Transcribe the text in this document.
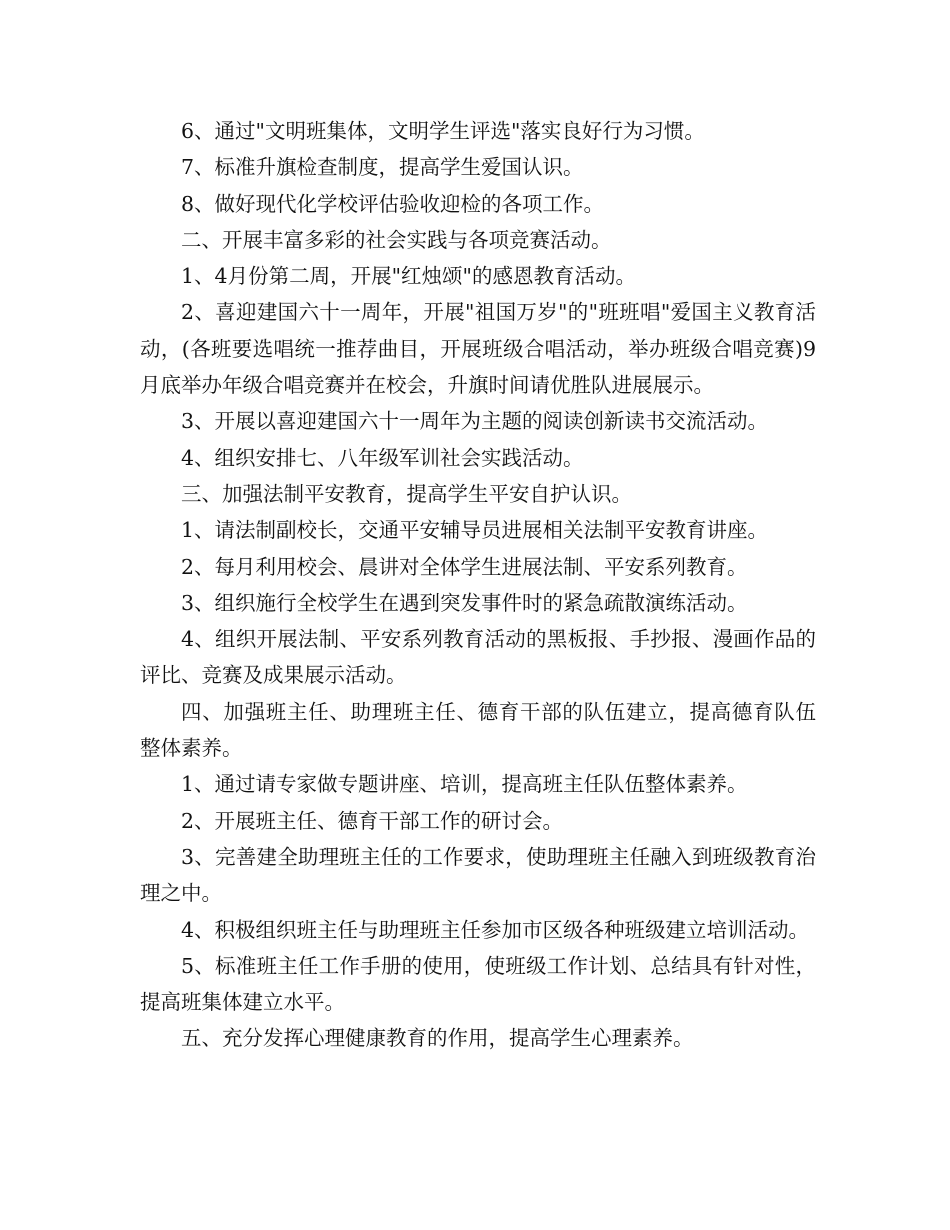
6、通过"文明班集体，文明学生评选"落实良好行为习惯。

7、标准升旗检查制度，提高学生爱国认识。

8、做好现代化学校评估验收迎检的各项工作。

二、开展丰富多彩的社会实践与各项竞赛活动。

1、4月份第二周，开展"红烛颂"的感恩教育活动。

2、喜迎建国六十一周年，开展"祖国万岁"的"班班唱"爱国主义教育活动，(各班要选唱统一推荐曲目，开展班级合唱活动，举办班级合唱竞赛)9月底举办年级合唱竞赛并在校会，升旗时间请优胜队进展展示。

3、开展以喜迎建国六十一周年为主题的阅读创新读书交流活动。

4、组织安排七、八年级军训社会实践活动。

三、加强法制平安教育，提高学生平安自护认识。

1、请法制副校长，交通平安辅导员进展相关法制平安教育讲座。

2、每月利用校会、晨讲对全体学生进展法制、平安系列教育。

3、组织施行全校学生在遇到突发事件时的紧急疏散演练活动。

4、组织开展法制、平安系列教育活动的黑板报、手抄报、漫画作品的评比、竞赛及成果展示活动。

四、加强班主任、助理班主任、德育干部的队伍建立，提高德育队伍整体素养。

1、通过请专家做专题讲座、培训，提高班主任队伍整体素养。

2、开展班主任、德育干部工作的研讨会。

3、完善建全助理班主任的工作要求，使助理班主任融入到班级教育治理之中。

4、积极组织班主任与助理班主任参加市区级各种班级建立培训活动。

5、标准班主任工作手册的使用，使班级工作计划、总结具有针对性，提高班集体建立水平。

五、充分发挥心理健康教育的作用，提高学生心理素养。
